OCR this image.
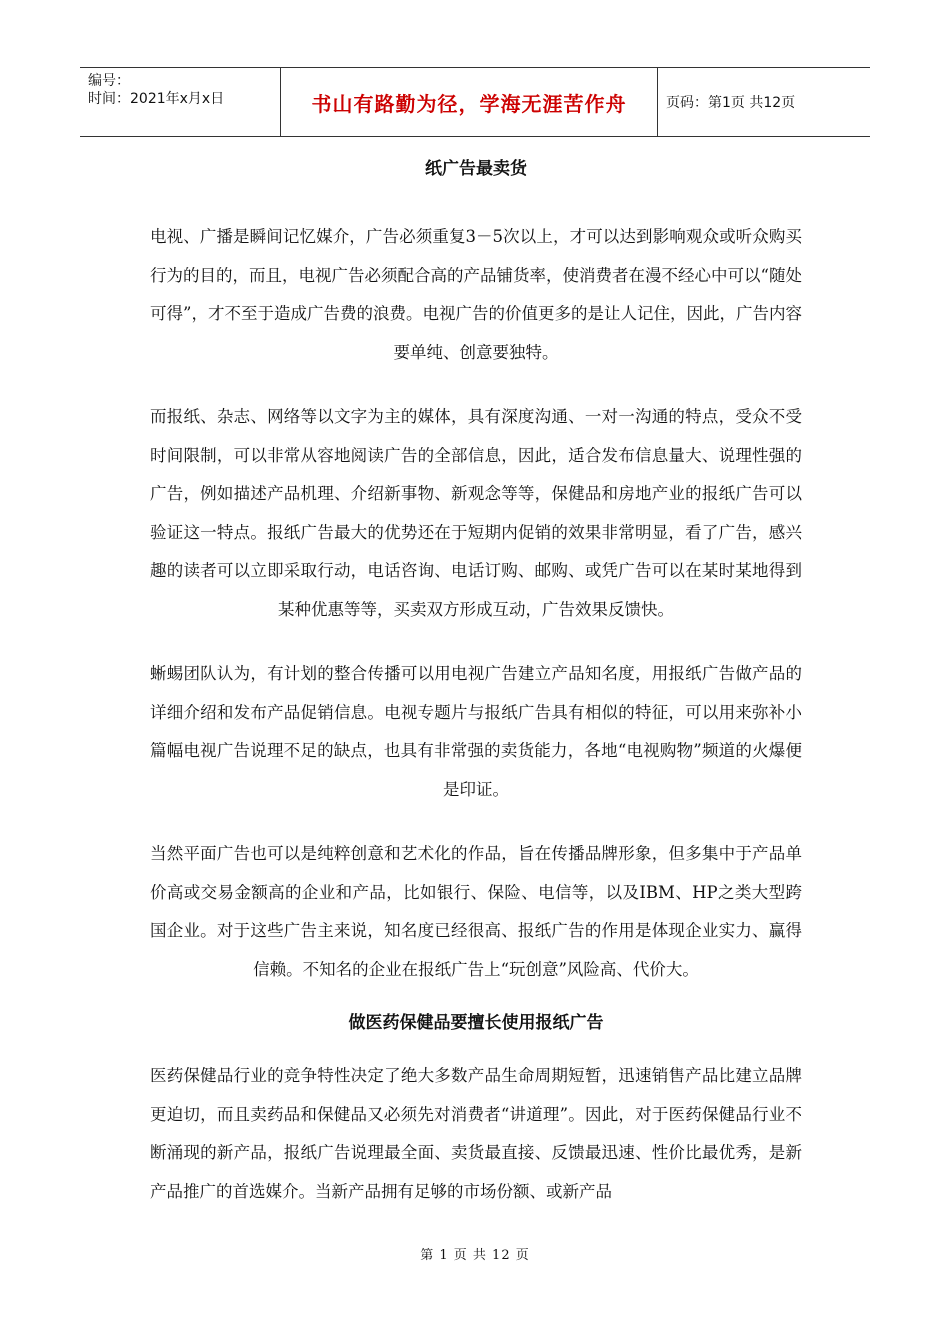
编号：
时间：2021年x月x日	书山有路勤为径，学海无涯苦作舟	页码：第1页 共12页
纸广告最卖货

电视、广播是瞬间记忆媒介，广告必须重复3－5次以上，才可以达到影响观众或听众购买行为的目的，而且，电视广告必须配合高的产品铺货率，使消费者在漫不经心中可以“随处可得”，才不至于造成广告费的浪费。电视广告的价值更多的是让人记住，因此，广告内容要单纯、创意要独特。

而报纸、杂志、网络等以文字为主的媒体，具有深度沟通、一对一沟通的特点，受众不受时间限制，可以非常从容地阅读广告的全部信息，因此，适合发布信息量大、说理性强的广告，例如描述产品机理、介绍新事物、新观念等等，保健品和房地产业的报纸广告可以验证这一特点。报纸广告最大的优势还在于短期内促销的效果非常明显，看了广告，感兴趣的读者可以立即采取行动，电话咨询、电话订购、邮购、或凭广告可以在某时某地得到某种优惠等等，买卖双方形成互动，广告效果反馈快。

蜥蜴团队认为，有计划的整合传播可以用电视广告建立产品知名度，用报纸广告做产品的详细介绍和发布产品促销信息。电视专题片与报纸广告具有相似的特征，可以用来弥补小篇幅电视广告说理不足的缺点，也具有非常强的卖货能力，各地“电视购物”频道的火爆便是印证。

当然平面广告也可以是纯粹创意和艺术化的作品，旨在传播品牌形象，但多集中于产品单价高或交易金额高的企业和产品，比如银行、保险、电信等，以及IBM、HP之类大型跨国企业。对于这些广告主来说，知名度已经很高、报纸广告的作用是体现企业实力、赢得信赖。不知名的企业在报纸广告上“玩创意”风险高、代价大。

做医药保健品要擅长使用报纸广告

医药保健品行业的竞争特性决定了绝大多数产品生命周期短暂，迅速销售产品比建立品牌更迫切，而且卖药品和保健品又必须先对消费者“讲道理”。因此，对于医药保健品行业不断涌现的新产品，报纸广告说理最全面、卖货最直接、反馈最迅速、性价比最优秀，是新产品推广的首选媒介。当新产品拥有足够的市场份额、或新产品

第 1 页 共 12 页
